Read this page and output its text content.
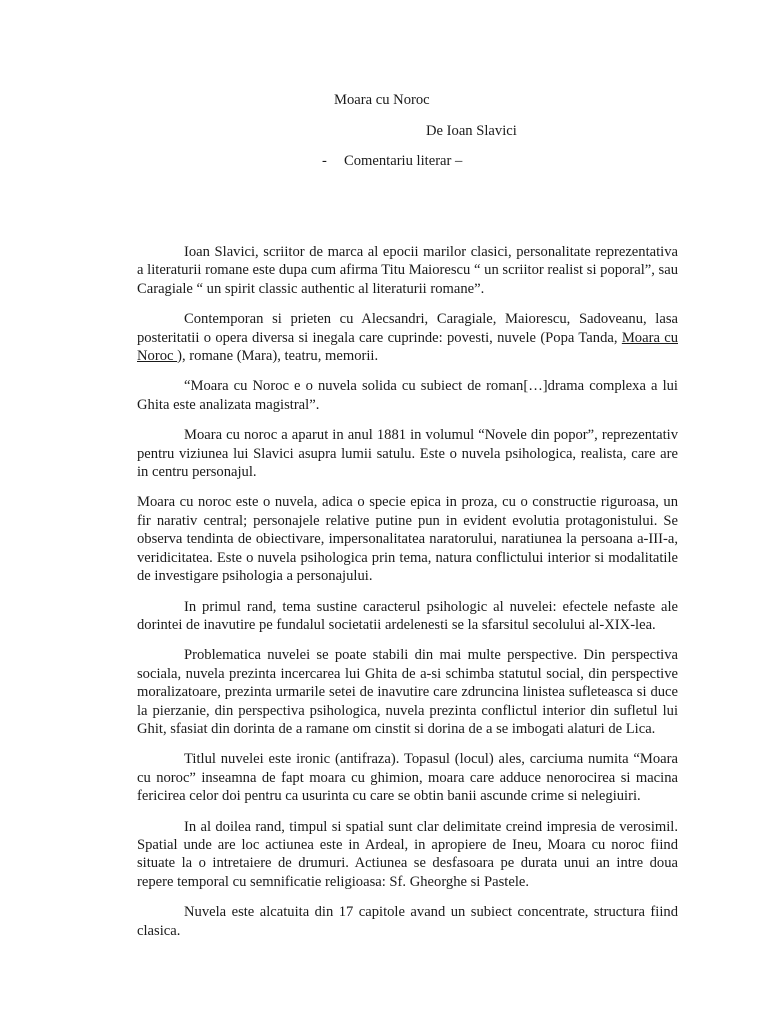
Moara cu Noroc
De Ioan Slavici
- Comentariu literar –

Ioan Slavici, scriitor de marca al epocii marilor clasici, personalitate reprezentativa a literaturii romane este dupa cum afirma Titu Maiorescu “ un scriitor realist si poporal”, sau Caragiale “ un spirit classic authentic al literaturii romane”.

Contemporan si prieten cu Alecsandri, Caragiale, Maiorescu, Sadoveanu, lasa posteritatii o opera diversa si inegala care cuprinde: povesti, nuvele (Popa Tanda, Moara cu Noroc ), romane (Mara), teatru, memorii.

“Moara cu Noroc e o nuvela solida cu subiect de roman[…]drama complexa a lui Ghita este analizata magistral”.

Moara cu noroc a aparut in anul 1881 in volumul “Novele din popor”, reprezentativ pentru viziunea lui Slavici asupra lumii satulu. Este o nuvela psihologica, realista, care are in centru personajul.

Moara cu noroc este o nuvela, adica o specie epica in proza, cu o constructie riguroasa, un fir narativ central; personajele relative putine pun in evident evolutia protagonistului. Se observa tendinta de obiectivare, impersonalitatea naratorului, naratiunea la persoana a-III-a, veridicitatea. Este o nuvela psihologica prin tema, natura conflictului interior si modalitatile de investigare psihologia a personajului.

In primul rand, tema sustine caracterul psihologic al nuvelei: efectele nefaste ale dorintei de inavutire pe fundalul societatii ardelenesti se la sfarsitul secolului al-XIX-lea.

Problematica nuvelei se poate stabili din mai multe perspective. Din perspectiva sociala, nuvela prezinta incercarea lui Ghita de a-si schimba statutul social, din perspective moralizatoare, prezinta urmarile setei de inavutire care zdruncina linistea sufleteasca si duce la pierzanie, din perspectiva psihologica, nuvela prezinta conflictul interior din sufletul lui Ghit, sfasiat din dorinta de a ramane om cinstit si dorina de a se imbogati alaturi de Lica.

Titlul nuvelei este ironic (antifraza). Topasul (locul) ales, carciuma numita “Moara cu noroc” inseamna de fapt moara cu ghimion, moara care adduce nenorocirea si macina fericirea celor doi pentru ca usurinta cu care se obtin banii ascunde crime si nelegiuiri.

In al doilea rand, timpul si spatial sunt clar delimitate creind impresia de verosimil. Spatial unde are loc actiunea este in Ardeal, in apropiere de Ineu, Moara cu noroc fiind situate la o intretaiere de drumuri. Actiunea se desfasoara pe durata unui an intre doua repere temporal cu semnificatie religioasa: Sf. Gheorghe si Pastele.

Nuvela este alcatuita din 17 capitole avand un subiect concentrate, structura fiind clasica.
